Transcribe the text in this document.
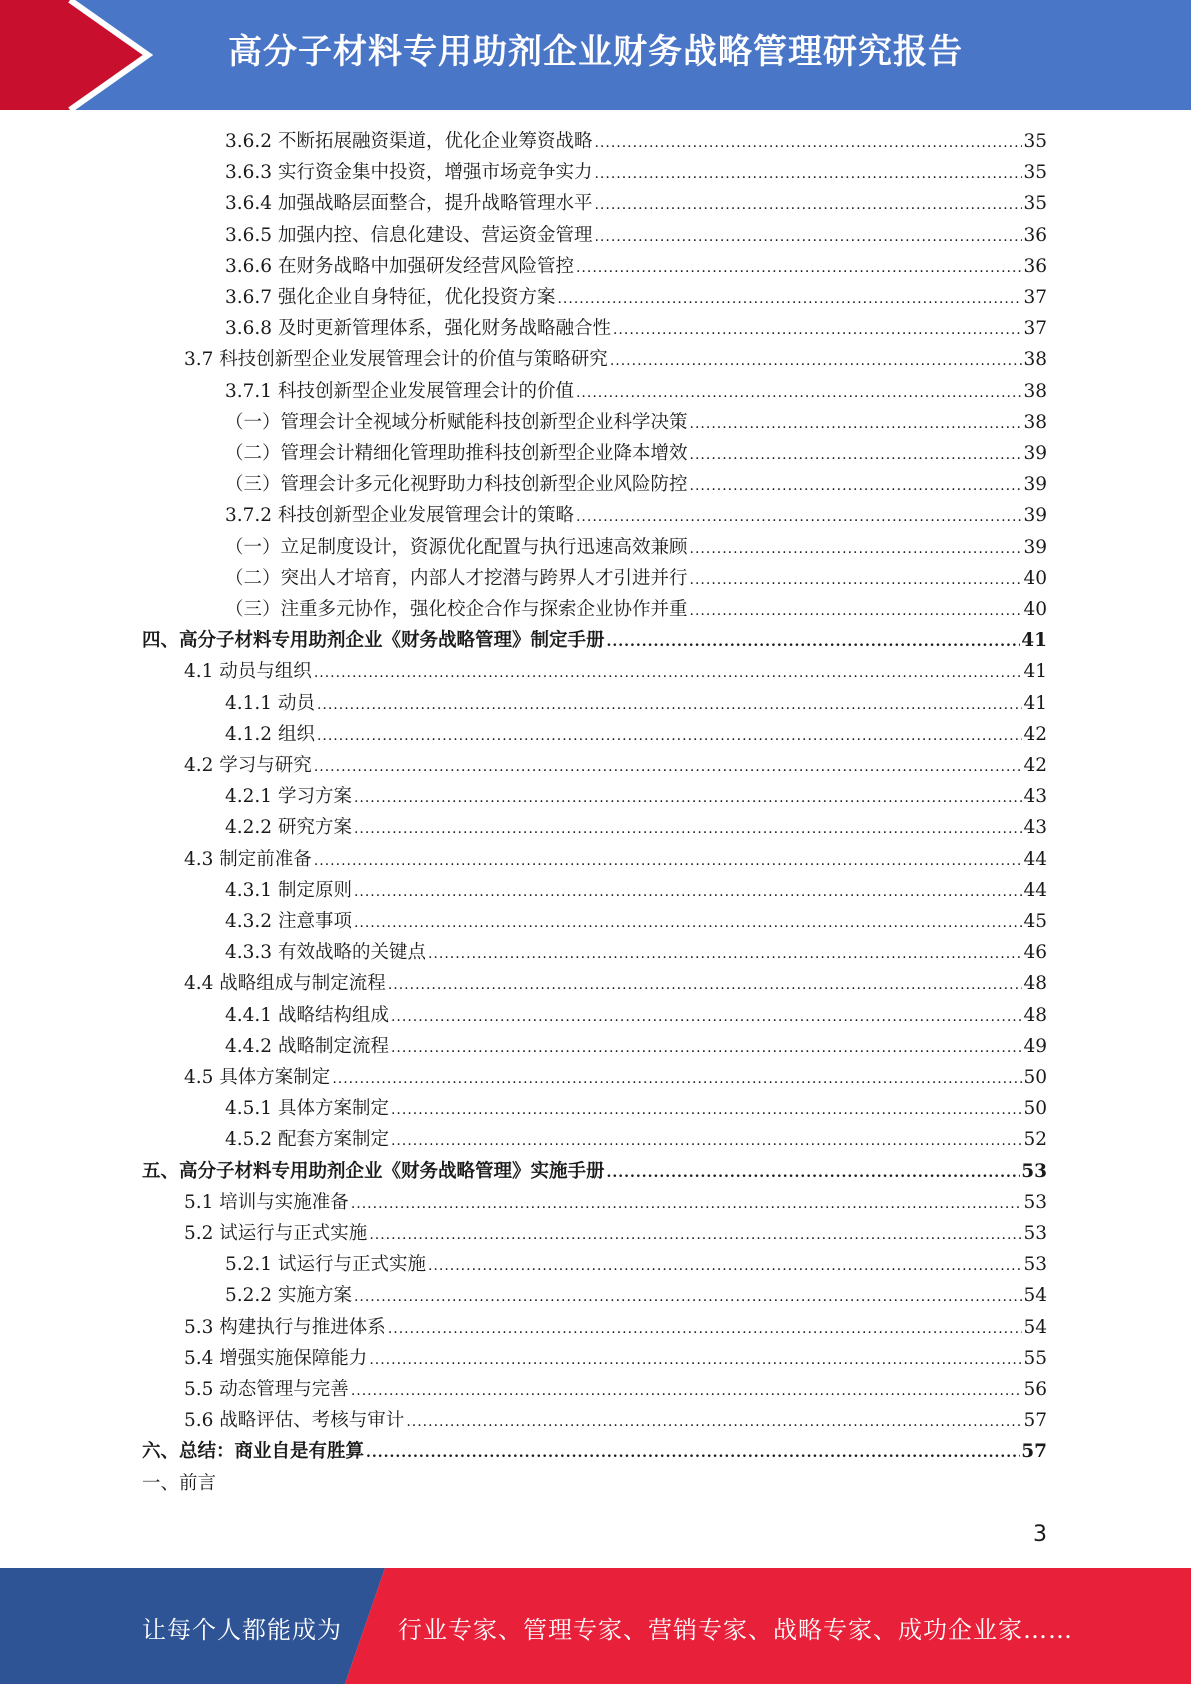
高分子材料专用助剂企业财务战略管理研究报告
3.6.2 不断拓展融资渠道，优化企业筹资战略 .....	35
3.6.3 实行资金集中投资，增强市场竞争实力 .....	35
3.6.4 加强战略层面整合，提升战略管理水平 .....	35
3.6.5 加强内控、信息化建设、营运资金管理 .....	36
3.6.6 在财务战略中加强研发经营风险管控 .....	36
3.6.7 强化企业自身特征，优化投资方案 .....	37
3.6.8 及时更新管理体系，强化财务战略融合性 .....	37
3.7 科技创新型企业发展管理会计的价值与策略研究 .....	38
3.7.1 科技创新型企业发展管理会计的价值 .....	38
（一）管理会计全视域分析赋能科技创新型企业科学决策 .....	38
（二）管理会计精细化管理助推科技创新型企业降本增效 .....	39
（三）管理会计多元化视野助力科技创新型企业风险防控 .....	39
3.7.2 科技创新型企业发展管理会计的策略 .....	39
（一）立足制度设计，资源优化配置与执行迅速高效兼顾 .....	39
（二）突出人才培育，内部人才挖潜与跨界人才引进并行 .....	40
（三）注重多元协作，强化校企合作与探索企业协作并重 .....	40
四、高分子材料专用助剂企业《财务战略管理》制定手册 .....	41
4.1 动员与组织 .....	41
4.1.1 动员 .....	41
4.1.2 组织 .....	42
4.2 学习与研究 .....	42
4.2.1 学习方案 .....	43
4.2.2 研究方案 .....	43
4.3 制定前准备 .....	44
4.3.1 制定原则 .....	44
4.3.2 注意事项 .....	45
4.3.3 有效战略的关键点 .....	46
4.4 战略组成与制定流程 .....	48
4.4.1 战略结构组成 .....	48
4.4.2 战略制定流程 .....	49
4.5 具体方案制定 .....	50
4.5.1 具体方案制定 .....	50
4.5.2 配套方案制定 .....	52
五、高分子材料专用助剂企业《财务战略管理》实施手册 .....	53
5.1 培训与实施准备 .....	53
5.2 试运行与正式实施 .....	53
5.2.1 试运行与正式实施 .....	53
5.2.2 实施方案 .....	54
5.3 构建执行与推进体系 .....	54
5.4 增强实施保障能力 .....	55
5.5 动态管理与完善 .....	56
5.6 战略评估、考核与审计 .....	57
六、总结：商业自是有胜算 .....	57
一、前言
3
让每个人都能成为 行业专家、管理专家、营销专家、战略专家、成功企业家……
